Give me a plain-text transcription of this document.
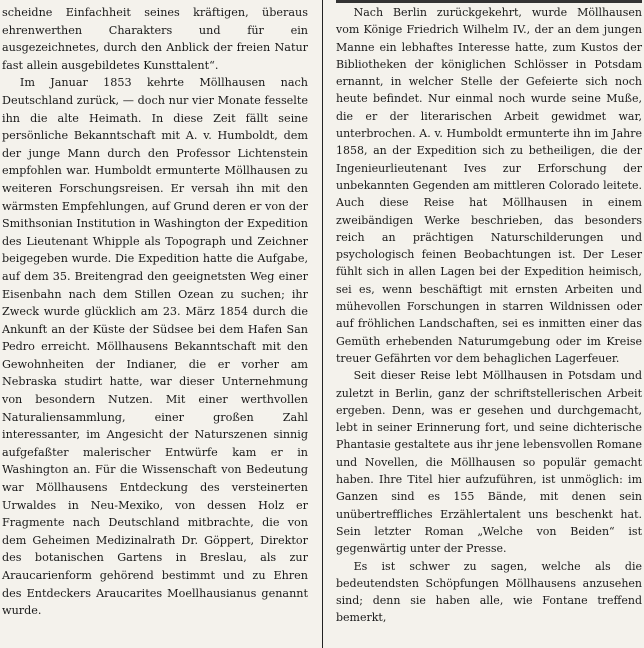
scheidne Einfachheit seines kräftigen, überaus ehrenwerthen Charakters und für ein ausgezeichnetes, durch den Anblick der freien Natur fast allein ausgebildetes Kunsttalent“.

Im Januar 1853 kehrte Möllhausen nach Deutschland zurück, — doch nur vier Monate fesselte ihn die alte Heimath. In diese Zeit fällt seine persönliche Bekanntschaft mit A. v. Humboldt, dem der junge Mann durch den Professor Lichtenstein empfohlen war. Humboldt ermunterte Möllhausen zu weiteren Forschungsreisen. Er versah ihn mit den wärmsten Empfehlungen, auf Grund deren er von der Smithsonian Institution in Washington der Expedition des Lieutenant Whipple als Topograph und Zeichner beigegeben wurde. Die Expedition hatte die Aufgabe, auf dem 35. Breitengrad den geeignetsten Weg einer Eisenbahn nach dem Stillen Ozean zu suchen; ihr Zweck wurde glücklich am 23. März 1854 durch die Ankunft an der Küste der Südsee bei dem Hafen San Pedro erreicht. Möllhausens Bekanntschaft mit den Gewohnheiten der Indianer, die er vorher am Nebraska studirt hatte, war dieser Unternehmung von besondern Nutzen. Mit einer werthvollen Naturaliensammlung, einer großen Zahl interessanter, im Angesicht der Naturszenen sinnig aufgefaßter malerischer Entwürfe kam er in Washington an. Für die Wissenschaft von Bedeutung war Möllhausens Entdeckung des versteinerten Urwaldes in Neu-Mexiko, von dessen Holz er Fragmente nach Deutschland mitbrachte, die von dem Geheimen Medizinalrath Dr. Göppert, Direktor des botanischen Gartens in Breslau, als zur Araucarienform gehörend bestimmt und zu Ehren des Entdeckers Araucarites Moellhausianus genannt wurde.

Nach Berlin zurückgekehrt, wurde Möllhausen vom Könige Friedrich Wilhelm IV., der an dem jungen Manne ein lebhaftes Interesse hatte, zum Kustos der Bibliotheken der königlichen Schlösser in Potsdam ernannt, in welcher Stelle der Gefeierte sich noch heute befindet. Nur einmal noch wurde seine Muße, die er der literarischen Arbeit gewidmet war, unterbrochen. A. v. Humboldt ermunterte ihn im Jahre 1858, an der Expedition sich zu betheiligen, die der Ingenieurlieutenant Ives zur Erforschung der unbekannten Gegenden am mittleren Colorado leitete. Auch diese Reise hat Möllhausen in einem zweibändigen Werke beschrieben, das besonders reich an prächtigen Naturschilderungen und psychologisch feinen Beobachtungen ist. Der Leser fühlt sich in allen Lagen bei der Expedition heimisch, sei es, wenn beschäftigt mit ernsten Arbeiten und mühevollen Forschungen in starren Wildnissen oder auf fröhlichen Landschaften, sei es inmitten einer das Gemüth erhebenden Naturumgebung oder im Kreise treuer Gefährten vor dem behaglichen Lagerfeuer.

Seit dieser Reise lebt Möllhausen in Potsdam und zuletzt in Berlin, ganz der schriftstellerischen Arbeit ergeben. Denn, was er gesehen und durchgemacht, lebt in seiner Erinnerung fort, und seine dichterische Phantasie gestaltete aus ihr jene lebensvollen Romane und Novellen, die Möllhausen so populär gemacht haben. Ihre Titel hier aufzuführen, ist unmöglich: im Ganzen sind es 155 Bände, mit denen sein unübertreffliches Erzählertalent uns beschenkt hat. Sein letzter Roman „Welche von Beiden“ ist gegenwärtig unter der Presse.

Es ist schwer zu sagen, welche als die bedeutendsten Schöpfungen Möllhausens anzusehen sind; denn sie haben alle, wie Fontane treffend bemerkt,
